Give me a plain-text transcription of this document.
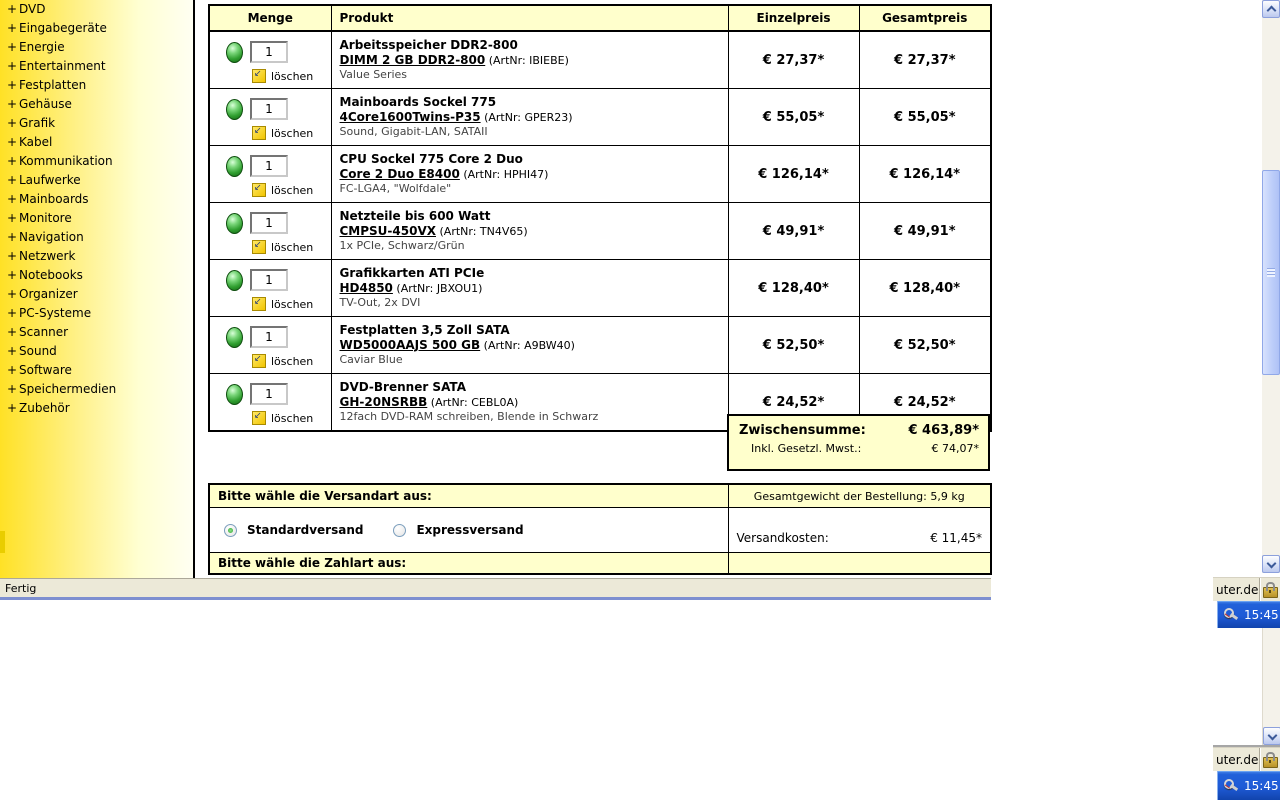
+ DVD
+ Eingabegeräte
+ Energie
+ Entertainment
+ Festplatten
+ Gehäuse
+ Grafik
+ Kabel
+ Kommunikation
+ Laufwerke
+ Mainboards
+ Monitore
+ Navigation
+ Netzwerk
+ Notebooks
+ Organizer
+ PC-Systeme
+ Scanner
+ Sound
+ Software
+ Speichermedien
+ Zubehör
Menge	Produkt	Einzelpreis	Gesamtpreis

1
↙
löschen	Arbeitsspeicher DDR2-800
DIMM 2 GB DDR2-800 (ArtNr: IBIEBE)
Value Series	€ 27,37*	€ 27,37*

1
↙
löschen	Mainboards Sockel 775
4Core1600Twins-P35 (ArtNr: GPER23)
Sound, Gigabit-LAN, SATAII	€ 55,05*	€ 55,05*

1
↙
löschen	CPU Sockel 775 Core 2 Duo
Core 2 Duo E8400 (ArtNr: HPHI47)
FC-LGA4, "Wolfdale"	€ 126,14*	€ 126,14*

1
↙
löschen	Netzteile bis 600 Watt
CMPSU-450VX (ArtNr: TN4V65)
1x PCIe, Schwarz/Grün	€ 49,91*	€ 49,91*

1
↙
löschen	Grafikkarten ATI PCIe
HD4850 (ArtNr: JBXOU1)
TV-Out, 2x DVI	€ 128,40*	€ 128,40*

1
↙
löschen	Festplatten 3,5 Zoll SATA
WD5000AAJS 500 GB (ArtNr: A9BW40)
Caviar Blue	€ 52,50*	€ 52,50*

1
↙
löschen	DVD-Brenner SATA
GH-20NSRBB (ArtNr: CEBL0A)
12fach DVD-RAM schreiben, Blende in Schwarz	€ 24,52*	€ 24,52*
Zwischensumme:	€ 463,89*
Inkl. Gesetzl. Mwst.:	€ 74,07*
Bitte wähle die Versandart aus:	Gesamtgewicht der Bestellung: 5,9 kg

Standardversand Expressversand	Versandkosten: € 11,45*

Bitte wähle die Zahlart aus:	
Fertig	uter.de
15:45
uter.de
15:45
